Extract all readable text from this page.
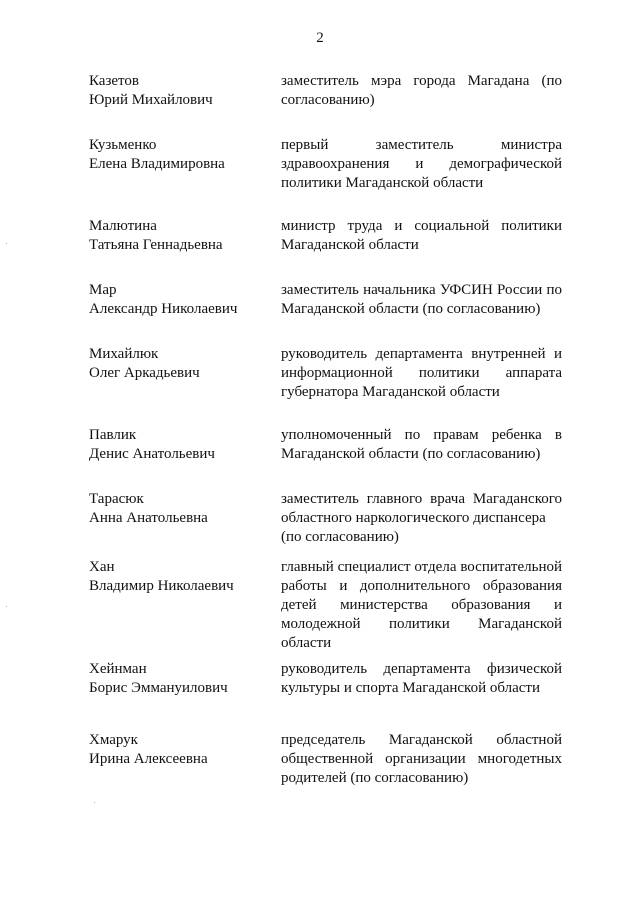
2
Казетов
Юрий Михайлович
заместитель мэра города Магадана (по
согласованию)
Кузьменко
Елена Владимировна
первый заместитель министра
здравоохранения и демографической
политики Магаданской области
Малютина
Татьяна Геннадьевна
министр труда и социальной политики
Магаданской области
Мар
Александр Николаевич
заместитель начальника УФСИН России по
Магаданской области (по согласованию)
Михайлюк
Олег Аркадьевич
руководитель департамента внутренней и
информационной политики аппарата
губернатора Магаданской области
Павлик
Денис Анатольевич
уполномоченный по правам ребенка в
Магаданской области (по согласованию)
Тарасюк
Анна Анатольевна
заместитель главного врача Магаданского
областного наркологического диспансера
(по согласованию)
Хан
Владимир Николаевич
главный специалист отдела воспитательной
работы и дополнительного образования
детей министерства образования и
молодежной политики Магаданской
области
Хейнман
Борис Эммануилович
руководитель департамента физической
культуры и спорта Магаданской области
Хмарук
Ирина Алексеевна
председатель Магаданской областной
общественной организации многодетных
родителей (по согласованию)
